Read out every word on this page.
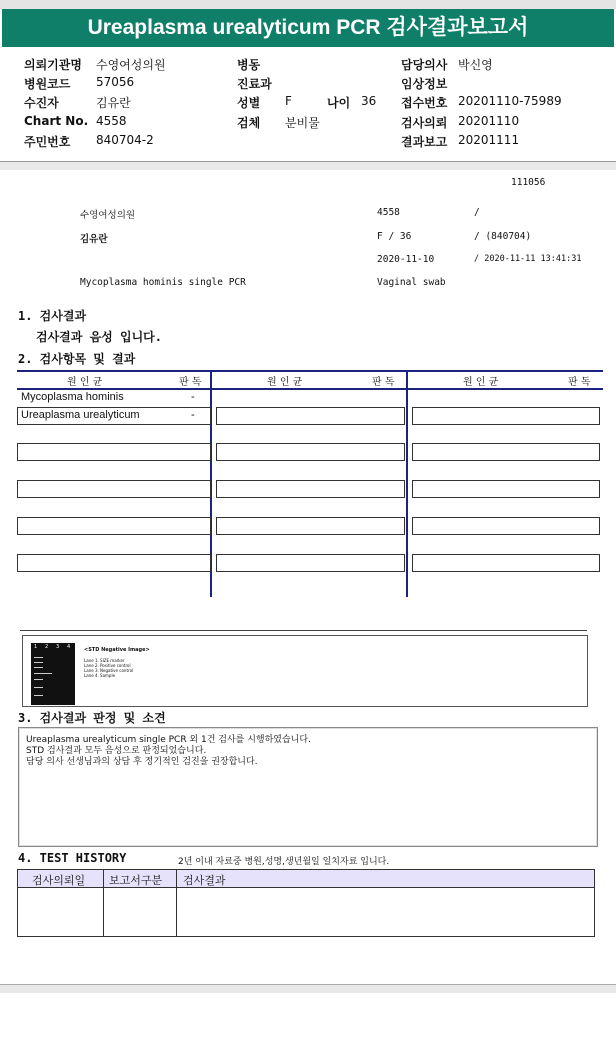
Ureaplasma urealyticum PCR 검사결과보고서
의뢰기관명 수영여성의원
병원코드 57056
수진자	김유란
Chart No. 4558
주민번호 840704-2
병동
진료과
성별 F	나이 36
검체 분비물
담당의사 박신영
임상정보
접수번호 20201110-75989
검사의뢰 20201110
결과보고 20201111
111056
수영여성의원	4558	/
김유란	F / 36	/ (840704)
2020-11-10	/ 2020-11-11 13:41:31
Mycoplasma hominis single PCR	Vaginal swab
1. 검사결과
검사결과 음성 입니다.
2. 검사항목 및 결과
원 인 균	판 독	원 인 균	판 독	원 인 균	판 독
Mycoplasma hominis	-
Ureaplasma urealyticum	-
1 2 3 4	<STD Negative Image>
Lane 1. SIZE marker
Lane 2. Positive control
Lane 3. Negative control
Lane 4. Sample
3. 검사결과 판정 및 소견
Ureaplasma urealyticum single PCR 외 1건 검사를 시행하였습니다.
STD 검사결과 모두 음성으로 판정되었습니다.
담당 의사 선생님과의 상담 후 정기적인 검진을 권장합니다.
4. TEST HISTORY	2년 이내 자료중 병원,성명,생년월일 일치자료 입니다.
검사의뢰일 보고서구분 검사결과
